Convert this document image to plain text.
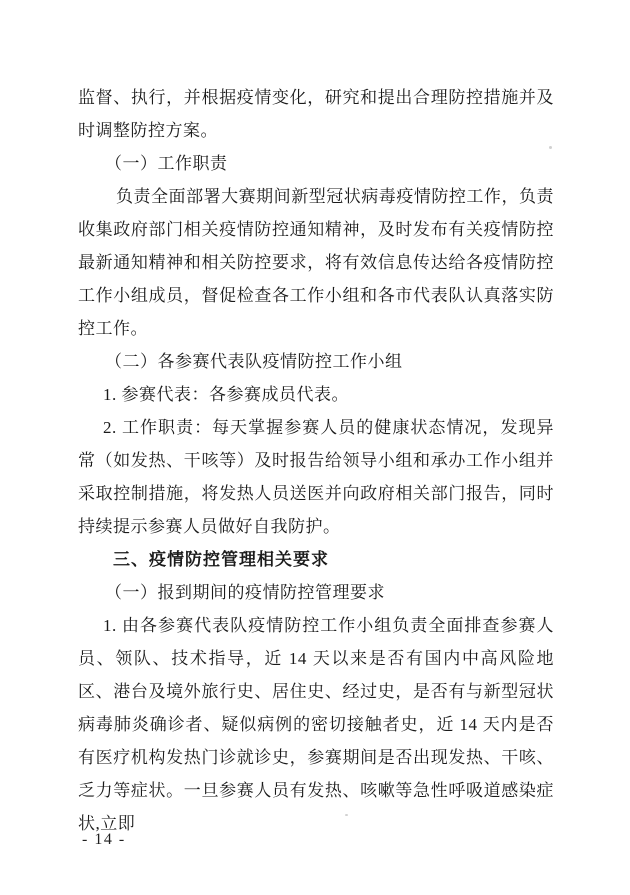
监督、执行，并根据疫情变化，研究和提出合理防控措施并及时调整防控方案。

（一）工作职责

负责全面部署大赛期间新型冠状病毒疫情防控工作，负责收集政府部门相关疫情防控通知精神，及时发布有关疫情防控最新通知精神和相关防控要求，将有效信息传达给各疫情防控工作小组成员，督促检查各工作小组和各市代表队认真落实防控工作。

（二）各参赛代表队疫情防控工作小组

1. 参赛代表：各参赛成员代表。

2. 工作职责：每天掌握参赛人员的健康状态情况，发现异常（如发热、干咳等）及时报告给领导小组和承办工作小组并采取控制措施，将发热人员送医并向政府相关部门报告，同时持续提示参赛人员做好自我防护。

三、疫情防控管理相关要求

（一）报到期间的疫情防控管理要求

1. 由各参赛代表队疫情防控工作小组负责全面排查参赛人员、领队、技术指导，近 14 天以来是否有国内中高风险地区、港台及境外旅行史、居住史、经过史，是否有与新型冠状病毒肺炎确诊者、疑似病例的密切接触者史，近 14 天内是否有医疗机构发热门诊就诊史，参赛期间是否出现发热、干咳、乏力等症状。一旦参赛人员有发热、咳嗽等急性呼吸道感染症状,立即

- 14 -
